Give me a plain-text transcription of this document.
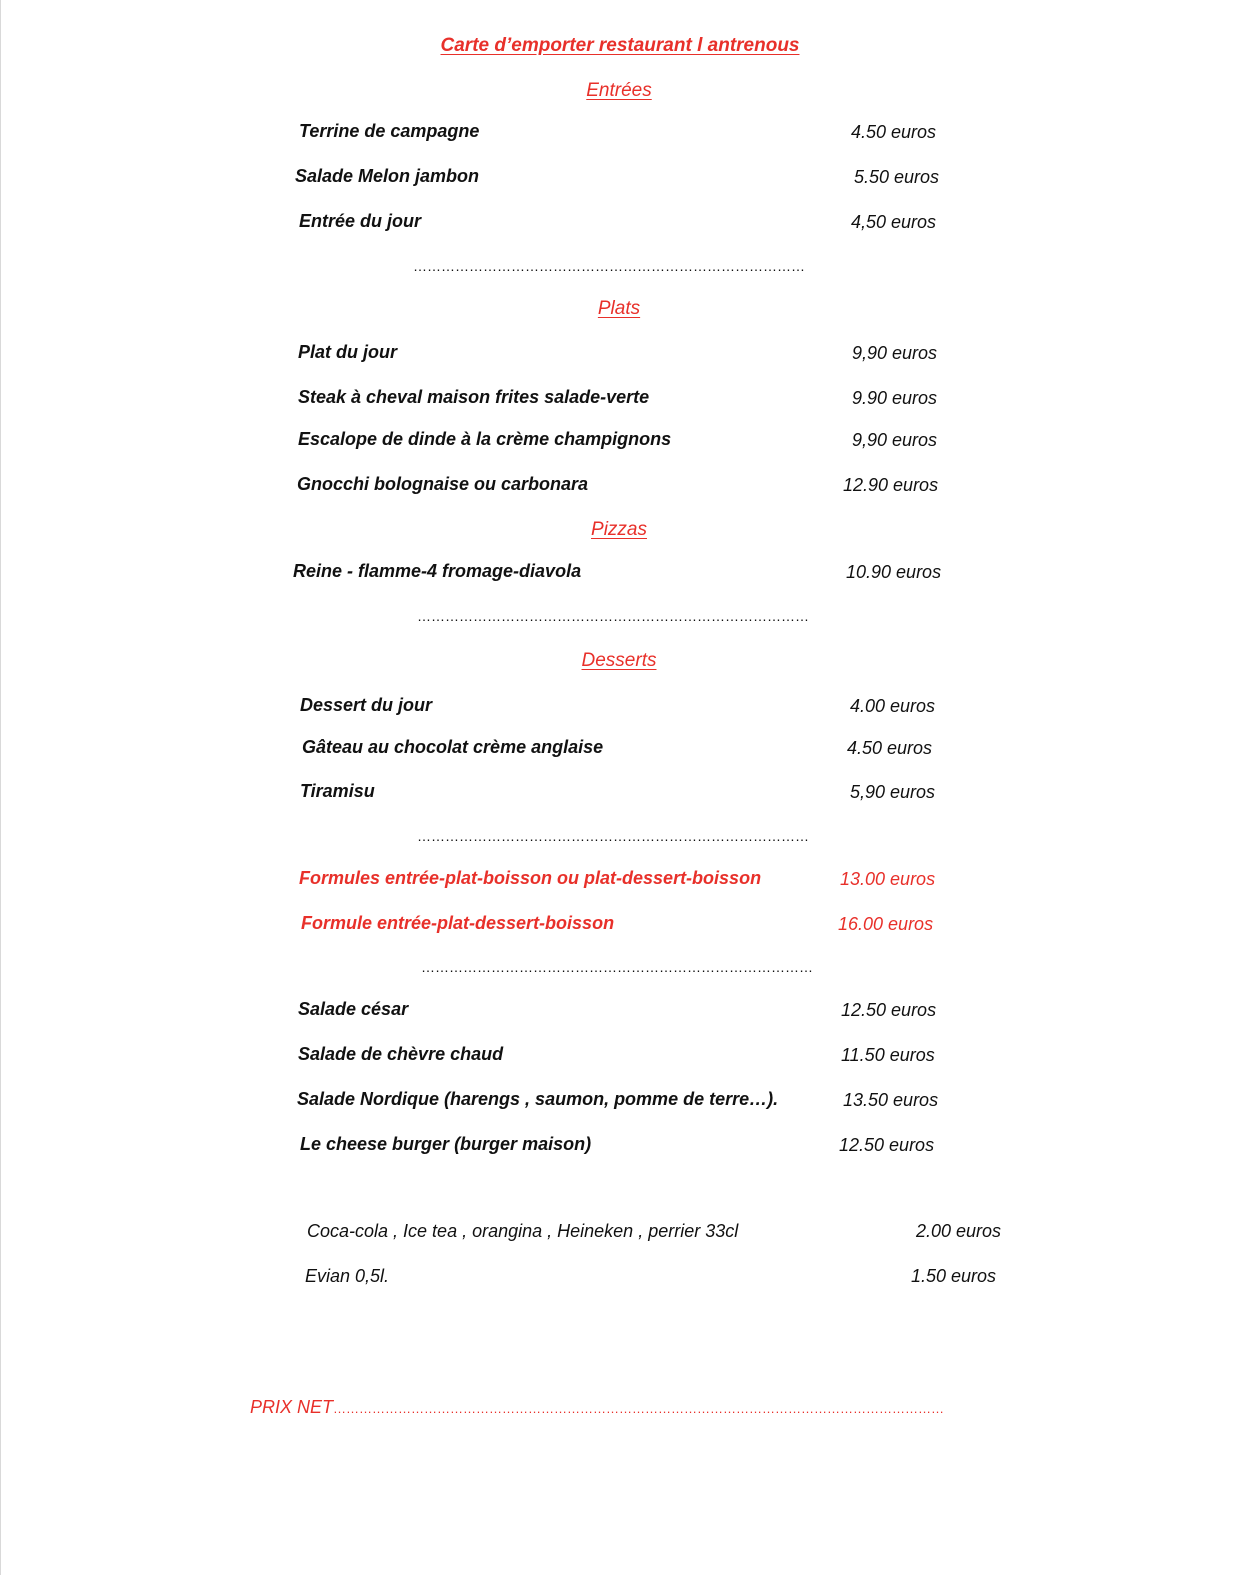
Carte d’emporter restaurant l antrenous
Entrées
Terrine de campagne	4.50 euros
Salade Melon jambon	5.50 euros
Entrée du jour	4,50 euros
…………………………………………………………………………
Plats
Plat du jour	9,90 euros
Steak à cheval maison frites salade-verte	9.90 euros
Escalope de dinde à la crème champignons	9,90 euros
Gnocchi bolognaise ou carbonara	12.90 euros
Pizzas
Reine - flamme-4 fromage-diavola	10.90 euros
…………………………………………………………………………
Desserts
Dessert du jour	4.00 euros
Gâteau au chocolat crème anglaise	4.50 euros
Tiramisu	5,90 euros
…………………………………………………………………………
Formules entrée-plat-boisson ou plat-dessert-boisson	13.00 euros
Formule entrée-plat-dessert-boisson	16.00 euros
…………………………………………………………………………
Salade césar	12.50 euros
Salade de chèvre chaud	11.50 euros
Salade Nordique (harengs , saumon, pomme de terre…).	13.50 euros
Le cheese burger (burger maison)	12.50 euros
Coca-cola , Ice tea , orangina , Heineken , perrier 33cl	2.00 euros
Evian 0,5l.	1.50 euros
PRIX NET……………………………………………………………………………………………………………………………
